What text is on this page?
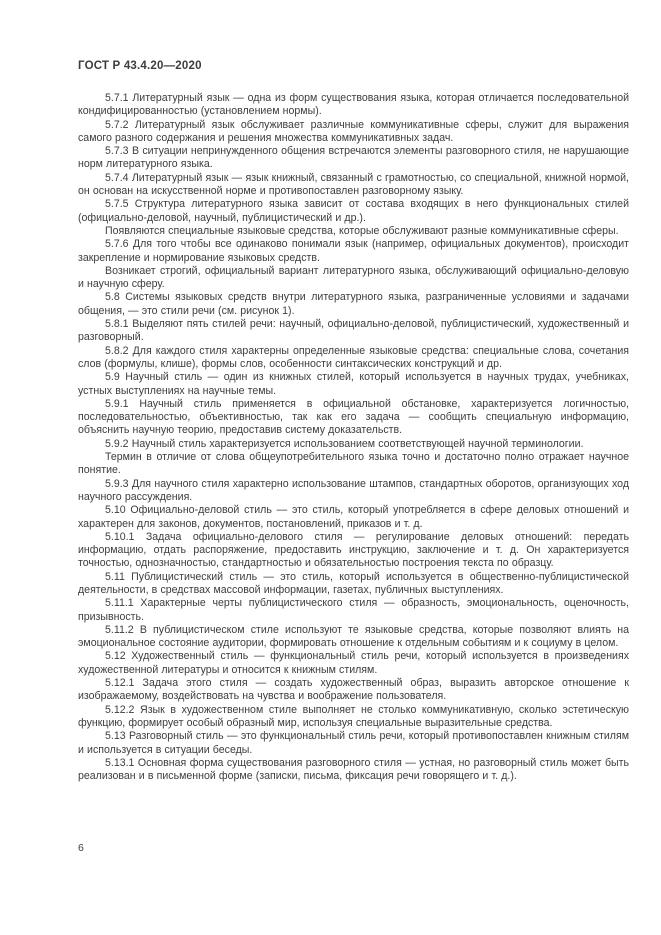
ГОСТ Р 43.4.20—2020

5.7.1 Литературный язык — одна из форм существования языка, которая отличается последовательной кондифицированностью (установлением нормы).

5.7.2 Литературный язык обслуживает различные коммуникативные сферы, служит для выражения самого разного содержания и решения множества коммуникативных задач.

5.7.3 В ситуации непринужденного общения встречаются элементы разговорного стиля, не нарушающие норм литературного языка.

5.7.4 Литературный язык — язык книжный, связанный с грамотностью, со специальной, книжной нормой, он основан на искусственной норме и противопоставлен разговорному языку.

5.7.5 Структура литературного языка зависит от состава входящих в него функциональных стилей (официально-деловой, научный, публицистический и др.).

Появляются специальные языковые средства, которые обслуживают разные коммуникативные сферы.

5.7.6 Для того чтобы все одинаково понимали язык (например, официальных документов), происходит закрепление и нормирование языковых средств.

Возникает строгий, официальный вариант литературного языка, обслуживающий официально-деловую и научную сферу.

5.8 Системы языковых средств внутри литературного языка, разграниченные условиями и задачами общения, — это стили речи (см. рисунок 1).

5.8.1 Выделяют пять стилей речи: научный, официально-деловой, публицистический, художественный и разговорный.

5.8.2 Для каждого стиля характерны определенные языковые средства: специальные слова, сочетания слов (формулы, клише), формы слов, особенности синтаксических конструкций и др.

5.9 Научный стиль — один из книжных стилей, который используется в научных трудах, учебниках, устных выступлениях на научные темы.

5.9.1 Научный стиль применяется в официальной обстановке, характеризуется логичностью, последовательностью, объективностью, так как его задача — сообщить специальную информацию, объяснить научную теорию, предоставив систему доказательств.

5.9.2 Научный стиль характеризуется использованием соответствующей научной терминологии.

Термин в отличие от слова общеупотребительного языка точно и достаточно полно отражает научное понятие.

5.9.3 Для научного стиля характерно использование штампов, стандартных оборотов, организующих ход научного рассуждения.

5.10 Официально-деловой стиль — это стиль, который употребляется в сфере деловых отношений и характерен для законов, документов, постановлений, приказов и т. д.

5.10.1 Задача официально-делового стиля — регулирование деловых отношений: передать информацию, отдать распоряжение, предоставить инструкцию, заключение и т. д. Он характеризуется точностью, однозначностью, стандартностью и обязательностью построения текста по образцу.

5.11 Публицистический стиль — это стиль, который используется в общественно-публицистической деятельности, в средствах массовой информации, газетах, публичных выступлениях.

5.11.1 Характерные черты публицистического стиля — образность, эмоциональность, оценочность, призывность.

5.11.2 В публицистическом стиле используют те языковые средства, которые позволяют влиять на эмоциональное состояние аудитории, формировать отношение к отдельным событиям и к социуму в целом.

5.12 Художественный стиль — функциональный стиль речи, который используется в произведениях художественной литературы и относится к книжным стилям.

5.12.1 Задача этого стиля — создать художественный образ, выразить авторское отношение к изображаемому, воздействовать на чувства и воображение пользователя.

5.12.2 Язык в художественном стиле выполняет не столько коммуникативную, сколько эстетическую функцию, формирует особый образный мир, используя специальные выразительные средства.

5.13 Разговорный стиль — это функциональный стиль речи, который противопоставлен книжным стилям и используется в ситуации беседы.

5.13.1 Основная форма существования разговорного стиля — устная, но разговорный стиль может быть реализован и в письменной форме (записки, письма, фиксация речи говорящего и т. д.).

6
